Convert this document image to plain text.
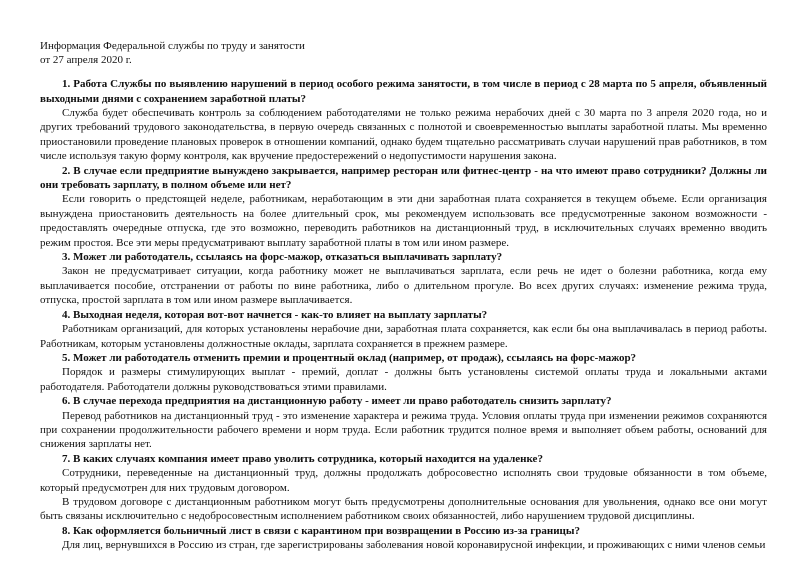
Информация Федеральной службы по труду и занятости
от 27 апреля 2020 г.

1. Работа Службы по выявлению нарушений в период особого режима занятости, в том числе в период с 28 марта по 5 апреля, объявленный выходными днями с сохранением заработной платы?

Служба будет обеспечивать контроль за соблюдением работодателями не только режима нерабочих дней с 30 марта по 3 апреля 2020 года, но и других требований трудового законодательства, в первую очередь связанных с полнотой и своевременностью выплаты заработной платы. Мы временно приостановили проведение плановых проверок в отношении компаний, однако будем тщательно рассматривать случаи нарушений прав работников, в том числе используя такую форму контроля, как вручение предостережений о недопустимости нарушения закона.

2. В случае если предприятие вынуждено закрывается, например ресторан или фитнес-центр - на что имеют право сотрудники? Должны ли они требовать зарплату, в полном объеме или нет?

Если говорить о предстоящей неделе, работникам, неработающим в эти дни заработная плата сохраняется в текущем объеме. Если организация вынуждена приостановить деятельность на более длительный срок, мы рекомендуем использовать все предусмотренные законом возможности - предоставлять очередные отпуска, где это возможно, переводить работников на дистанционный труд, в исключительных случаях временно вводить режим простоя. Все эти меры предусматривают выплату заработной платы в том или ином размере.

3. Может ли работодатель, ссылаясь на форс-мажор, отказаться выплачивать зарплату?

Закон не предусматривает ситуации, когда работнику может не выплачиваться зарплата, если речь не идет о болезни работника, когда ему выплачивается пособие, отстранении от работы по вине работника, либо о длительном прогуле. Во всех других случаях: изменение режима труда, отпуска, простой зарплата в том или ином размере выплачивается.

4. Выходная неделя, которая вот-вот начнется - как-то влияет на выплату зарплаты?

Работникам организаций, для которых установлены нерабочие дни, заработная плата сохраняется, как если бы она выплачивалась в период работы. Работникам, которым установлены должностные оклады, зарплата сохраняется в прежнем размере.

5. Может ли работодатель отменить премии и процентный оклад (например, от продаж), ссылаясь на форс-мажор?

Порядок и размеры стимулирующих выплат - премий, доплат - должны быть установлены системой оплаты труда и локальными актами работодателя. Работодатели должны руководствоваться этими правилами.

6. В случае перехода предприятия на дистанционную работу - имеет ли право работодатель снизить зарплату?

Перевод работников на дистанционный труд - это изменение характера и режима труда. Условия оплаты труда при изменении режимов сохраняются при сохранении продолжительности рабочего времени и норм труда. Если работник трудится полное время и выполняет объем работы, оснований для снижения зарплаты нет.

7. В каких случаях компания имеет право уволить сотрудника, который находится на удаленке?

Сотрудники, переведенные на дистанционный труд, должны продолжать добросовестно исполнять свои трудовые обязанности в том объеме, который предусмотрен для них трудовым договором.

В трудовом договоре с дистанционным работником могут быть предусмотрены дополнительные основания для увольнения, однако все они могут быть связаны исключительно с недобросовестным исполнением работником своих обязанностей, либо нарушением трудовой дисциплины.

8. Как оформляется больничный лист в связи с карантином при возвращении в Россию из-за границы?

Для лиц, вернувшихся в Россию из стран, где зарегистрированы заболевания новой коронавирусной инфекции, и проживающих с ними членов семьи
